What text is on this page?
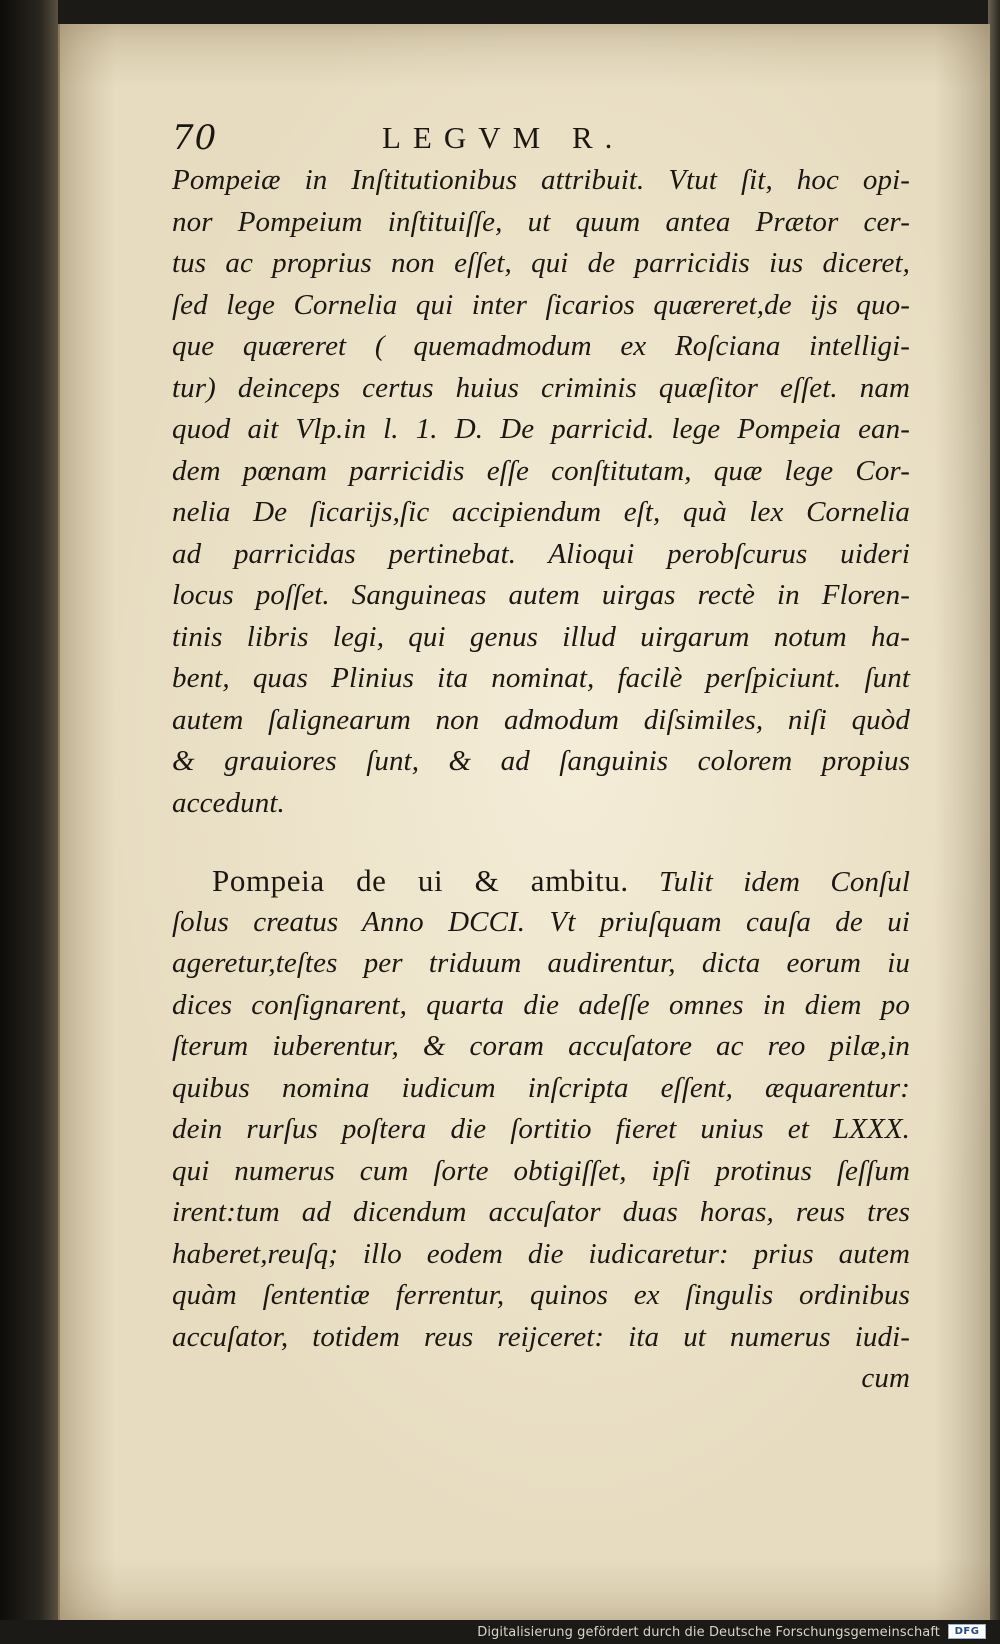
70	LEGVM R.
Pompeiæ in Inſtitutionibus attribuit. Vtut ſit, hoc opi-
nor Pompeium inſtituiſſe, ut quum antea Prætor cer-
tus ac proprius non eſſet, qui de parricidis ius diceret,
ſed lege Cornelia qui inter ſicarios quæreret,de ijs quo-
que quæreret ( quemadmodum ex Roſciana intelligi-
tur) deinceps certus huius criminis quæſitor eſſet. nam
quod ait Vlp.in l. 1. D. De parricid. lege Pompeia ean-
dem pœnam parricidis eſſe conſtitutam, quæ lege Cor-
nelia De ſicarijs,ſic accipiendum eſt, quà lex Cornelia
ad parricidas pertinebat. Alioqui perobſcurus uideri
locus poſſet. Sanguineas autem uirgas rectè in Floren-
tinis libris legi, qui genus illud uirgarum notum ha-
bent, quas Plinius ita nominat, facilè perſpiciunt. ſunt
autem ſalignearum non admodum diſsimiles, niſi quòd
& grauiores ſunt, & ad ſanguinis colorem propius
accedunt.
Pompeia de ui & ambitu. Tulit idem Conſul
ſolus creatus Anno DCCI. Vt priuſquam cauſa de ui
ageretur,teſtes per triduum audirentur, dicta eorum iu
dices conſignarent, quarta die adeſſe omnes in diem po
ſterum iuberentur, & coram accuſatore ac reo pilæ,in
quibus nomina iudicum inſcripta eſſent, æquarentur:
dein rurſus poſtera die ſortitio fieret unius et LXXX.
qui numerus cum ſorte obtigiſſet, ipſi protinus ſeſſum
irent:tum ad dicendum accuſator duas horas, reus tres
haberet,reuſq; illo eodem die iudicaretur: prius autem
quàm ſententiæ ferrentur, quinos ex ſingulis ordinibus
accuſator, totidem reus reijceret: ita ut numerus iudi-
cum
Digitalisierung gefördert durch die Deutsche Forschungsgemeinschaft	DFG
